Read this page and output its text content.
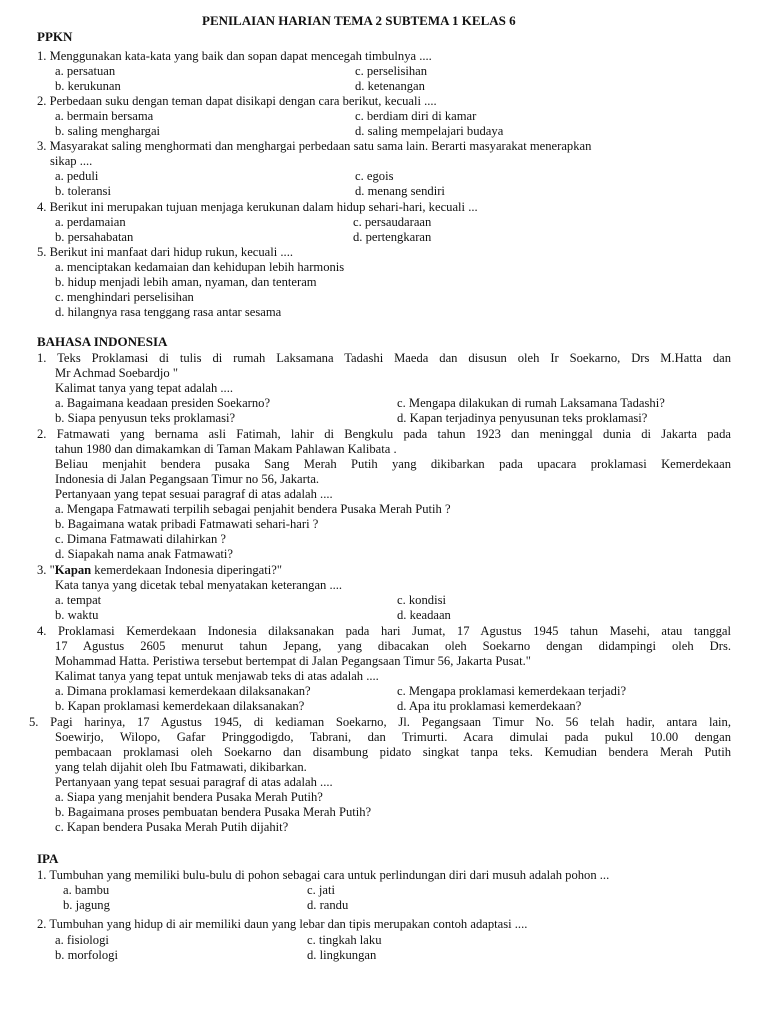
PENILAIAN HARIAN TEMA 2 SUBTEMA 1 KELAS 6
PPKN
1. Menggunakan kata-kata yang baik dan sopan dapat mencegah timbulnya ....
a. persatuan	c. perselisihan
b. kerukunan	d. ketenangan
2. Perbedaan suku dengan teman dapat disikapi dengan cara berikut, kecuali ....
a. bermain bersama	c. berdiam diri di kamar
b. saling menghargai	d. saling mempelajari budaya
3. Masyarakat saling menghormati dan menghargai perbedaan satu sama lain. Berarti masyarakat menerapkan
sikap ....
a. peduli	c. egois
b. toleransi	d. menang sendiri
4. Berikut ini merupakan tujuan menjaga kerukunan dalam hidup sehari-hari, kecuali ...
a. perdamaian	c. persaudaraan
b. persahabatan	d. pertengkaran
5. Berikut ini manfaat dari hidup rukun, kecuali ....
a. menciptakan kedamaian dan kehidupan lebih harmonis
b. hidup menjadi lebih aman, nyaman, dan tenteram
c. menghindari perselisihan
d. hilangnya rasa tenggang rasa antar sesama
BAHASA INDONESIA
1. Teks Proklamasi di tulis di rumah Laksamana Tadashi Maeda dan disusun oleh Ir Soekarno, Drs M.Hatta dan
Mr Achmad Soebardjo "
Kalimat tanya yang tepat adalah ....
a. Bagaimana keadaan presiden Soekarno?	c. Mengapa dilakukan di rumah Laksamana Tadashi?
b. Siapa penyusun teks proklamasi?	d. Kapan terjadinya penyusunan teks proklamasi?
2. Fatmawati yang bernama asli Fatimah, lahir di Bengkulu pada tahun 1923 dan meninggal dunia di Jakarta pada
tahun 1980 dan dimakamkan di Taman Makam Pahlawan Kalibata .
Beliau menjahit bendera pusaka Sang Merah Putih yang dikibarkan pada upacara proklamasi Kemerdekaan
Indonesia di Jalan Pegangsaan Timur no 56, Jakarta.
Pertanyaan yang tepat sesuai paragraf di atas adalah ....
a. Mengapa Fatmawati terpilih sebagai penjahit bendera Pusaka Merah Putih ?
b. Bagaimana watak pribadi Fatmawati sehari-hari ?
c. Dimana Fatmawati dilahirkan ?
d. Siapakah nama anak Fatmawati?
3. "Kapan kemerdekaan Indonesia diperingati?"
Kata tanya yang dicetak tebal menyatakan keterangan ....
a. tempat	c. kondisi
b. waktu	d. keadaan
4. Proklamasi Kemerdekaan Indonesia dilaksanakan pada hari Jumat, 17 Agustus 1945 tahun Masehi, atau tanggal
17 Agustus 2605 menurut tahun Jepang, yang dibacakan oleh Soekarno dengan didampingi oleh Drs.
Mohammad Hatta. Peristiwa tersebut bertempat di Jalan Pegangsaan Timur 56, Jakarta Pusat."
Kalimat tanya yang tepat untuk menjawab teks di atas adalah ....
a. Dimana proklamasi kemerdekaan dilaksanakan?	c. Mengapa proklamasi kemerdekaan terjadi?
b. Kapan proklamasi kemerdekaan dilaksanakan?	d. Apa itu proklamasi kemerdekaan?
5. Pagi harinya, 17 Agustus 1945, di kediaman Soekarno, Jl. Pegangsaan Timur No. 56 telah hadir, antara lain,
Soewirjo, Wilopo, Gafar Pringgodigdo, Tabrani, dan Trimurti. Acara dimulai pada pukul 10.00 dengan
pembacaan proklamasi oleh Soekarno dan disambung pidato singkat tanpa teks. Kemudian bendera Merah Putih
yang telah dijahit oleh Ibu Fatmawati, dikibarkan.
Pertanyaan yang tepat sesuai paragraf di atas adalah ....
a. Siapa yang menjahit bendera Pusaka Merah Putih?
b. Bagaimana proses pembuatan bendera Pusaka Merah Putih?
c. Kapan bendera Pusaka Merah Putih dijahit?
IPA
1. Tumbuhan yang memiliki bulu-bulu di pohon sebagai cara untuk perlindungan diri dari musuh adalah pohon ...
a. bambu	c. jati
b. jagung	d. randu
2. Tumbuhan yang hidup di air memiliki daun yang lebar dan tipis merupakan contoh adaptasi ....
a. fisiologi	c. tingkah laku
b. morfologi	d. lingkungan
